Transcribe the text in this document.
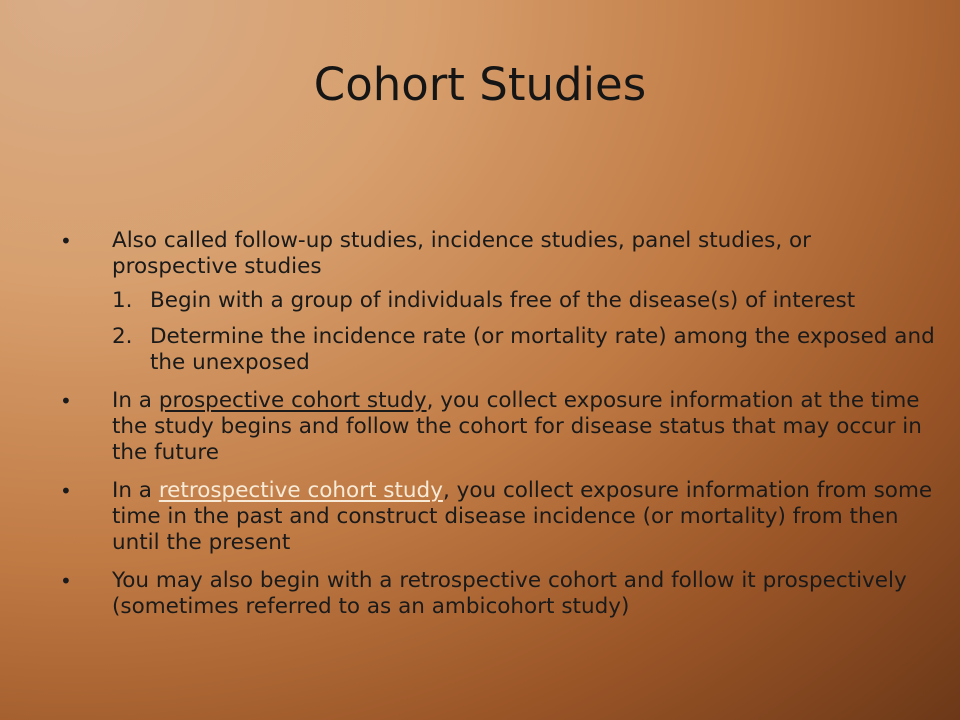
Cohort Studies
•	Also called follow-up studies, incidence studies, panel studies, or prospective studies
1. Begin with a group of individuals free of the disease(s) of interest
2. Determine the incidence rate (or mortality rate) among the exposed and the unexposed
•	In a prospective cohort study, you collect exposure information at the time the study begins and follow the cohort for disease status that may occur in the future
•	In a retrospective cohort study, you collect exposure information from some time in the past and construct disease incidence (or mortality) from then until the present
•	You may also begin with a retrospective cohort and follow it prospectively (sometimes referred to as an ambicohort study)
